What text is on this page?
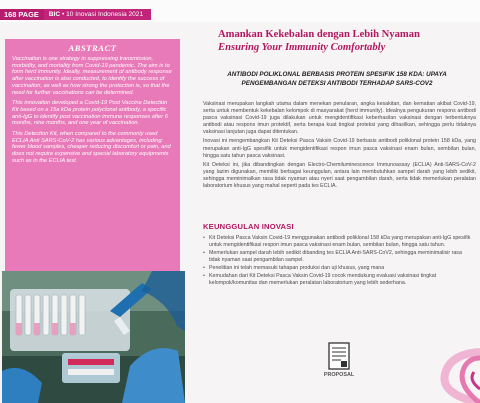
168 PAGE	BIC • 10 Inovasi Indonesia 2021
ABSTRACT

Vaccination is one strategy in suppressing transmission, morbidity, and mortality from Covid-19 pandemic. The aim is to form herd immunity. Ideally, measurement of antibody response after vaccination is also conducted, to identify the success of vaccination, as well as how strong the protection is, so that the need for further vaccinations can be determined.

This innovation developed a Covid-19 Post Vaccine Detection Kit based on a 15a kDa protein polyclonal antibody, a specific anti-IgG to identify post vaccination immune responses after 6 months, nine months, and one year of vaccination.

This Detection Kit, when compared to the commonly used ECLIA Anti SARS-CoV-2 has various advantages, including: fewer blood samples, cheaper reducing discomfort or pain, and does not require expensive and special laboratory equipments such as in the ECLIA test.

Amankan Kekebalan dengan Lebih Nyaman
Ensuring Your Immunity Comfortably
ANTIBODI POLIKLONAL BERBASIS PROTEIN SPESIFIK 158 KDA: UPAYA PENGEMBANGAN DETEKSI ANTIBODI TERHADAP SARS-COV2

Vaksinasi merupakan langkah utama dalam menekan penularan, angka kesakitan, dan kematian akibat Covid-19, serta untuk membentuk kekebalan kelompok di masyarakat (herd immunity). Idealnya pengukuran respons antibodi pasca vaksinasi Covid-19 juga dilakukan untuk mengidentifikasi keberhasilan vaksinasi dengan terbentuknya antibodi atau respons imun protektif, serta berapa kuat tingkat proteksi yang dihasilkan, sehingga perlu tidaknya vaksinasi lanjutan juga dapat ditentukan.

Inovasi ini mengembangkan Kit Deteksi Pasca Vaksin Covid-19 berbasis antibodi poliklonal protein 158 kDa, yang merupakan anti-IgG spesifik untuk mengidentifikasi respon imun pasca vaksinasi enam bulan, sembilan bulan, hingga satu tahun pasca vaksinasi.

Kit Deteksi ini, jika dibandingkan dengan Electro-Chemiluminescence Immunoassay (ECLIA) Anti-SARS-CoV-2 yang lazim digunakan, memiliki berbagai keunggulan, antara lain membutuhkan sampel darah yang lebih sedikit, sehingga meminimalkan rasa tidak nyaman atau nyeri saat pengambilan darah, serta tidak memerlukan peralatan laboratorium khusus yang mahal seperti pada tes ECLIA.

KEUNGGULAN INOVASI
• Kit Deteksi Pasca Vaksin Covid-19 menggunakan antibodi poliklonal 158 kDa yang merupakan anti-IgG spesifik untuk mengidentifikasi respon imun pasca vaksinasi enam bulan, sembilan bulan, hingga satu tahun.
• Memerlukan sampel darah lebih sedikit dibanding tes ECLIA Anti-SARS-CoV2, sehingga meminimalisir rasa tidak nyaman saat pengambilan sampel.
• Penelitian ini telah memasuki tahapan produksi dan uji khusus, yang mana
• Kemudahan dari Kit Deteksi Pasca Vaksin Covid-19 cocok mendukung evaluasi vaksinasi tingkat kelompok/komunitas dan memerlukan peralatan laboratorium yang lebih sederhana.
PROPOSAL
